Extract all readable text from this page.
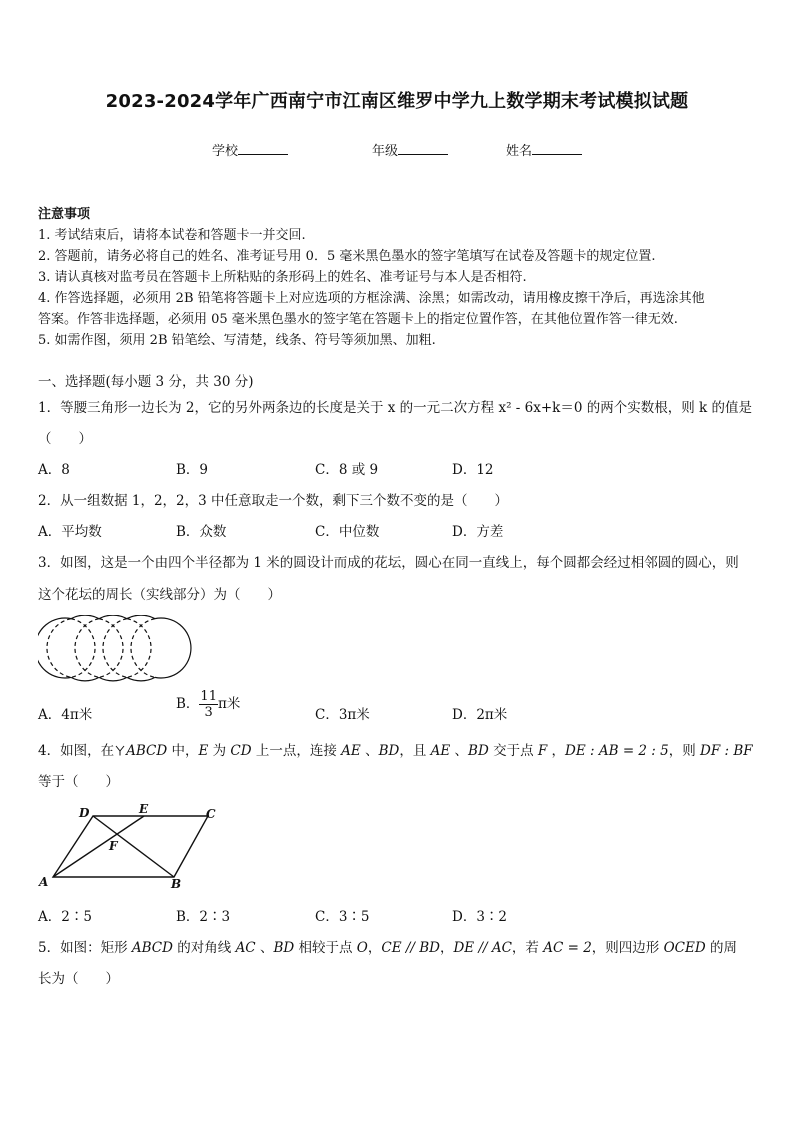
2023-2024学年广西南宁市江南区维罗中学九上数学期末考试模拟试题
学校	年级	姓名
注意事项
1. 考试结束后，请将本试卷和答题卡一并交回.
2. 答题前，请务必将自己的姓名、准考证号用 0．5 毫米黑色墨水的签字笔填写在试卷及答题卡的规定位置.
3. 请认真核对监考员在答题卡上所粘贴的条形码上的姓名、准考证号与本人是否相符.
4. 作答选择题，必须用 2B 铅笔将答题卡上对应选项的方框涂满、涂黑；如需改动，请用橡皮擦干净后，再选涂其他
答案。作答非选择题，必须用 05 毫米黑色墨水的签字笔在答题卡上的指定位置作答，在其他位置作答一律无效.
5. 如需作图，须用 2B 铅笔绘、写清楚，线条、符号等须加黑、加粗.
一、选择题(每小题 3 分，共 30 分)
1．等腰三角形一边长为 2，它的另外两条边的长度是关于 x 的一元二次方程 x² - 6x+k＝0 的两个实数根，则 k 的值是
（　　）
A．8	B．9	C．8 或 9	D．12
2．从一组数据 1，2，2，3 中任意取走一个数，剩下三个数不变的是（　　）
A．平均数	B．众数	C．中位数	D．方差
3．如图，这是一个由四个半径都为 1 米的圆设计而成的花坛，圆心在同一直线上，每个圆都会经过相邻圆的圆心，则
这个花坛的周长（实线部分）为（　　）
A．4π米
B． $\frac{11}{3}$ π米
C．3π米	D．2π米
4．如图，在 ABCD 中，E 为 CD 上一点，连接 AE 、BD，且 AE 、BD 交于点 F ，DE : AB = 2 : 5，则 DF : BF
等于（　　）
D	E	C
F
A	B
A．2∶5	B．2∶3	C．3∶5	D．3∶2
5．如图：矩形 ABCD 的对角线 AC 、BD 相较于点 O，CE // BD，DE // AC，若 AC = 2，则四边形 OCED 的周
长为（　　）
